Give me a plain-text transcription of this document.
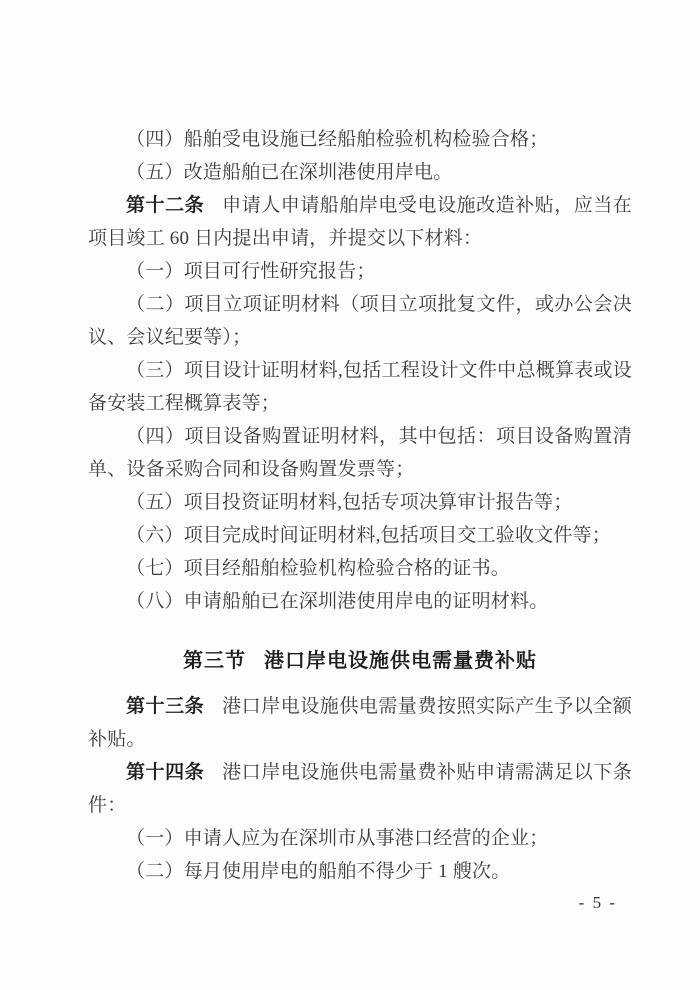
（四）船舶受电设施已经船舶检验机构检验合格；

（五）改造船舶已在深圳港使用岸电。

第十二条 申请人申请船舶岸电受电设施改造补贴，应当在项目竣工 60 日内提出申请，并提交以下材料：

（一）项目可行性研究报告；

（二）项目立项证明材料（项目立项批复文件，或办公会决议、会议纪要等）；

（三）项目设计证明材料,包括工程设计文件中总概算表或设备安装工程概算表等；

（四）项目设备购置证明材料，其中包括：项目设备购置清单、设备采购合同和设备购置发票等；

（五）项目投资证明材料,包括专项决算审计报告等；

（六）项目完成时间证明材料,包括项目交工验收文件等；

（七）项目经船舶检验机构检验合格的证书。

（八）申请船舶已在深圳港使用岸电的证明材料。

第三节 港口岸电设施供电需量费补贴

第十三条 港口岸电设施供电需量费按照实际产生予以全额补贴。

第十四条 港口岸电设施供电需量费补贴申请需满足以下条件：

（一）申请人应为在深圳市从事港口经营的企业；

（二）每月使用岸电的船舶不得少于 1 艘次。

- 5 -
